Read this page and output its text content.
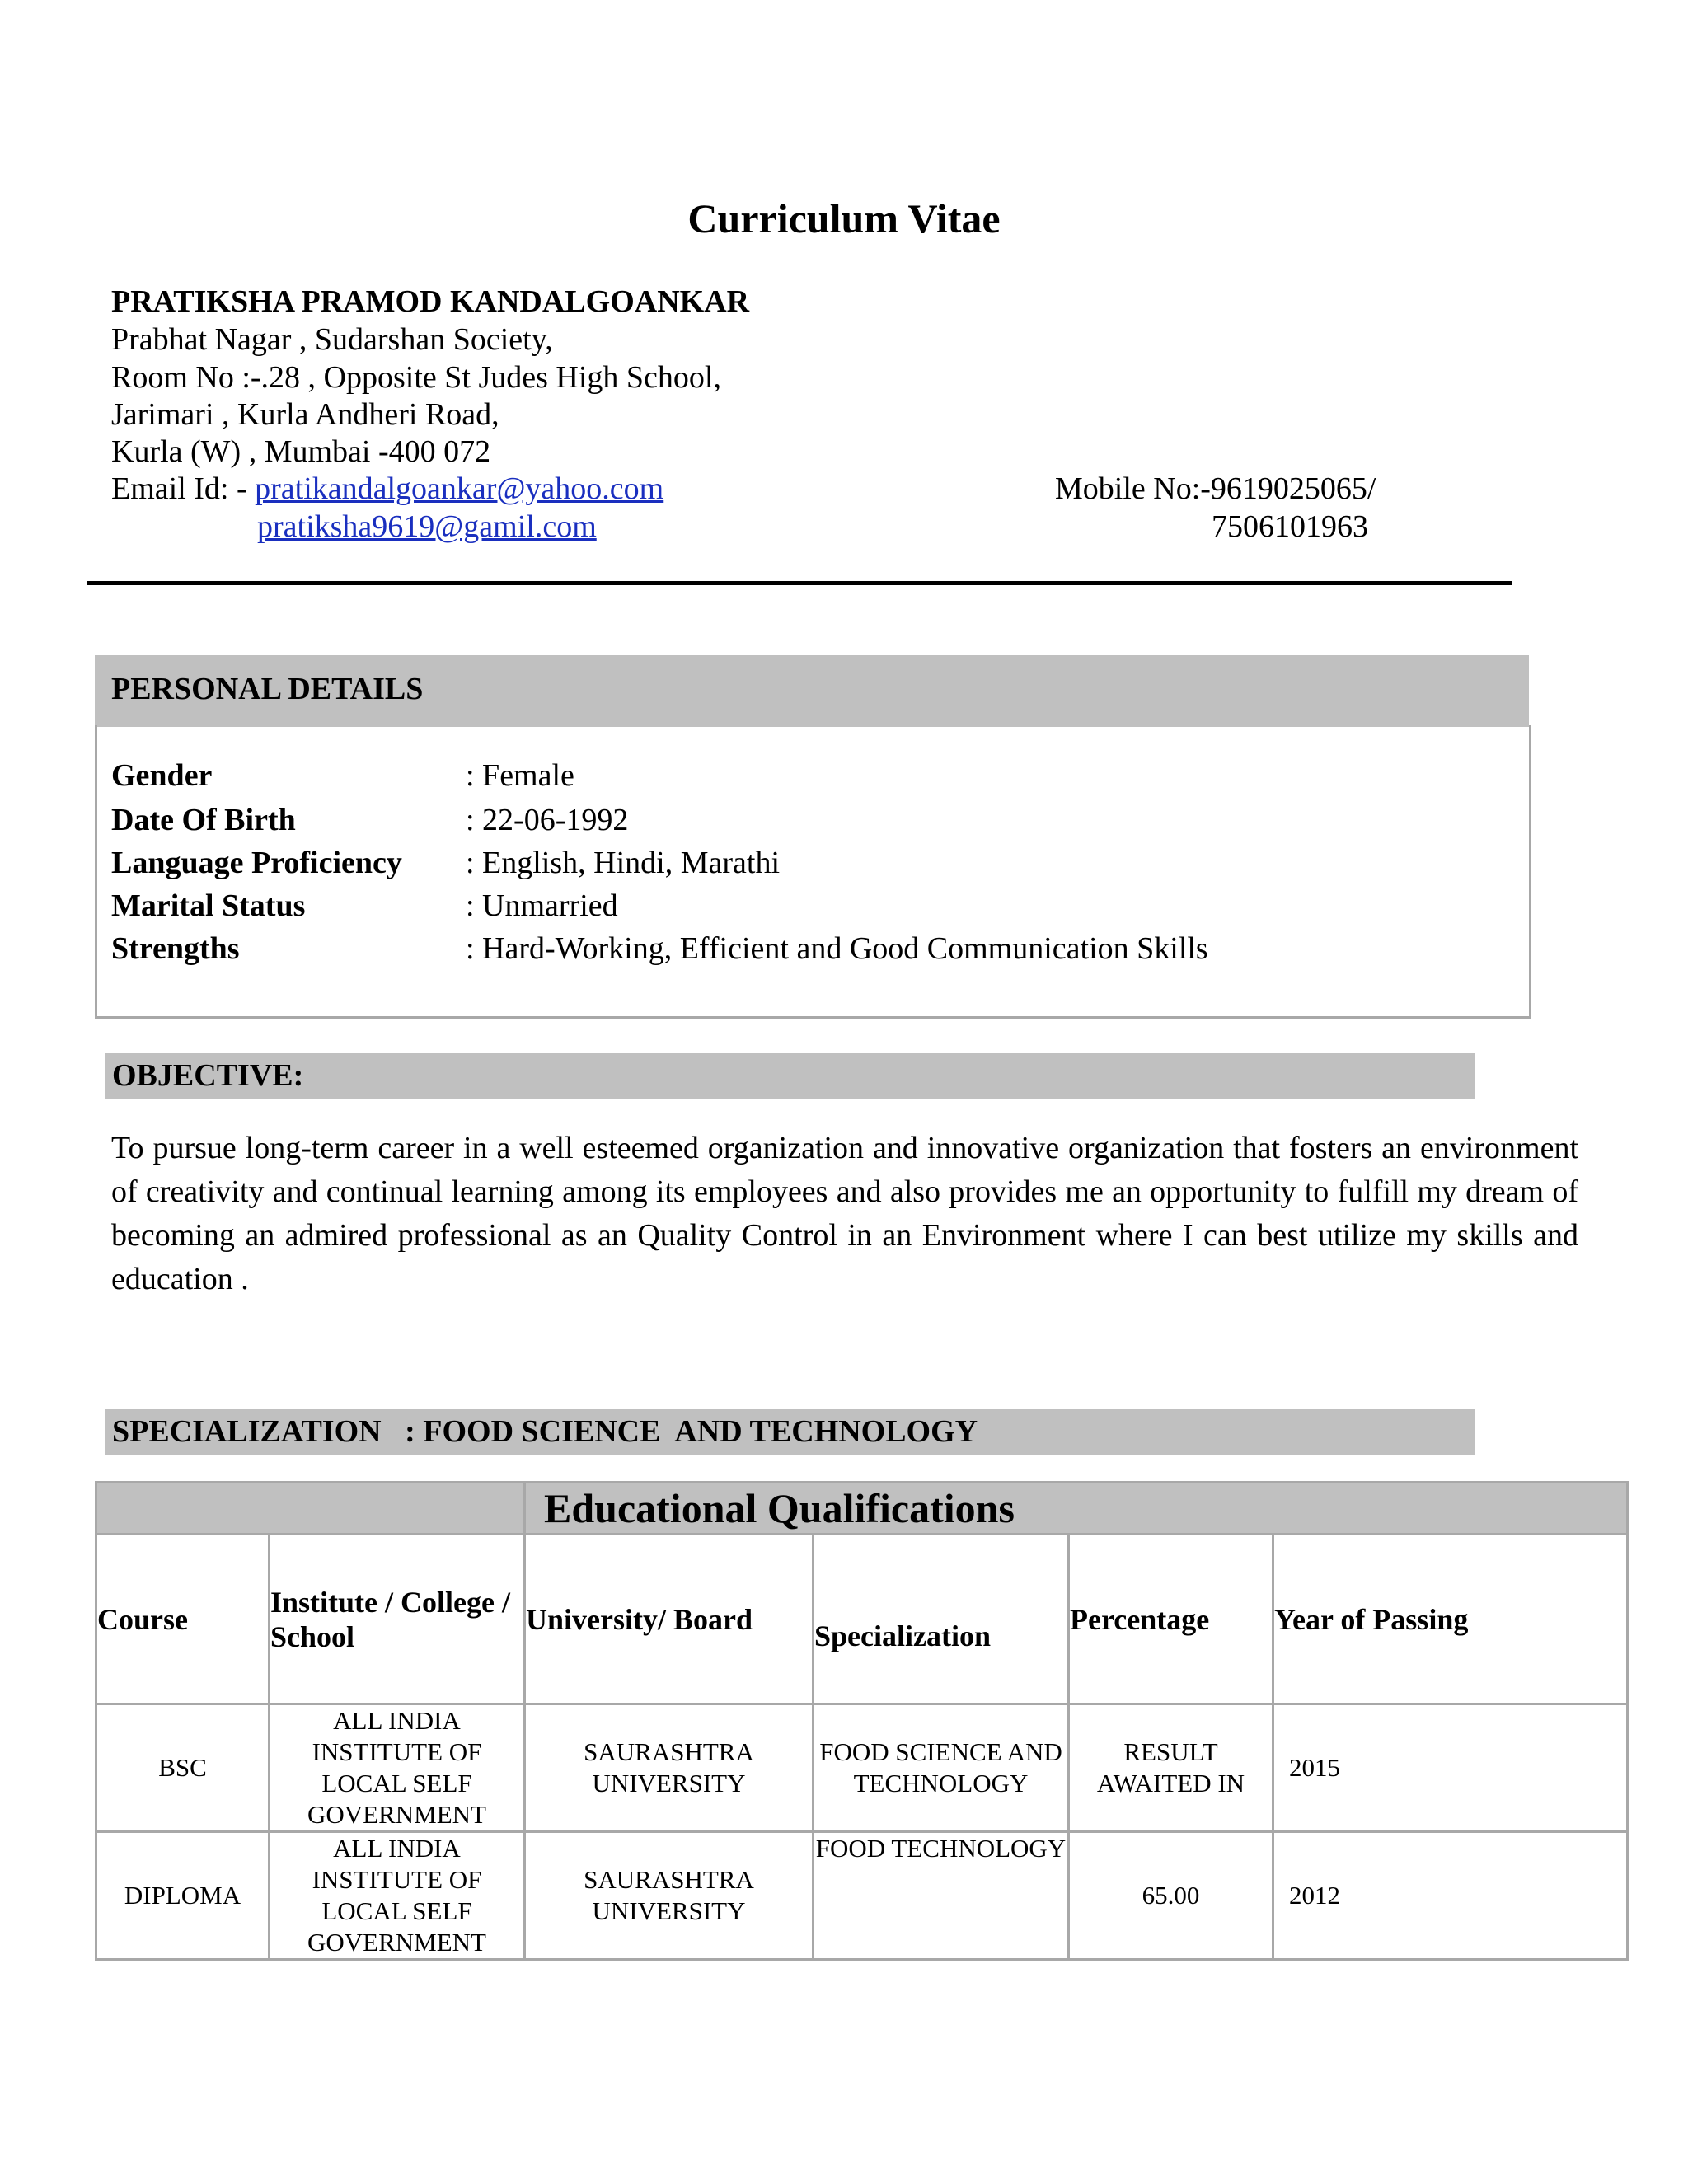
Curriculum Vitae
PRATIKSHA PRAMOD KANDALGOANKAR
Prabhat Nagar , Sudarshan Society,
Room No :-.28 , Opposite St Judes High School,
Jarimari , Kurla Andheri Road,
Kurla (W) , Mumbai -400 072
Email Id: - pratikandalgoankar@yahoo.com
pratiksha9619@gamil.com
Mobile No:-9619025065/
7506101963
PERSONAL DETAILS
Gender	: Female
Date Of Birth	: 22-06-1992
Language Proficiency : English, Hindi, Marathi
Marital Status	: Unmarried
Strengths	: Hard-Working, Efficient and Good Communication Skills
OBJECTIVE:
To pursue long-term career in a well esteemed organization and innovative organization that fosters an environment of creativity and continual learning among its employees and also provides me an opportunity to fulfill my dream of becoming an admired professional as an Quality Control in an Environment where I can best utilize my skills and education .
SPECIALIZATION   : FOOD SCIENCE  AND TECHNOLOGY
		Educational Qualifications			
Course	Institute / College / School	University/ Board	Specialization	Percentage	Year of Passing
BSC	ALL INDIA INSTITUTE OF LOCAL SELF GOVERNMENT	SAURASHTRA UNIVERSITY	FOOD SCIENCE AND TECHNOLOGY	RESULT AWAITED IN	2015
DIPLOMA	ALL INDIA INSTITUTE OF LOCAL SELF GOVERNMENT	SAURASHTRA UNIVERSITY	FOOD TECHNOLOGY	65.00	2012
